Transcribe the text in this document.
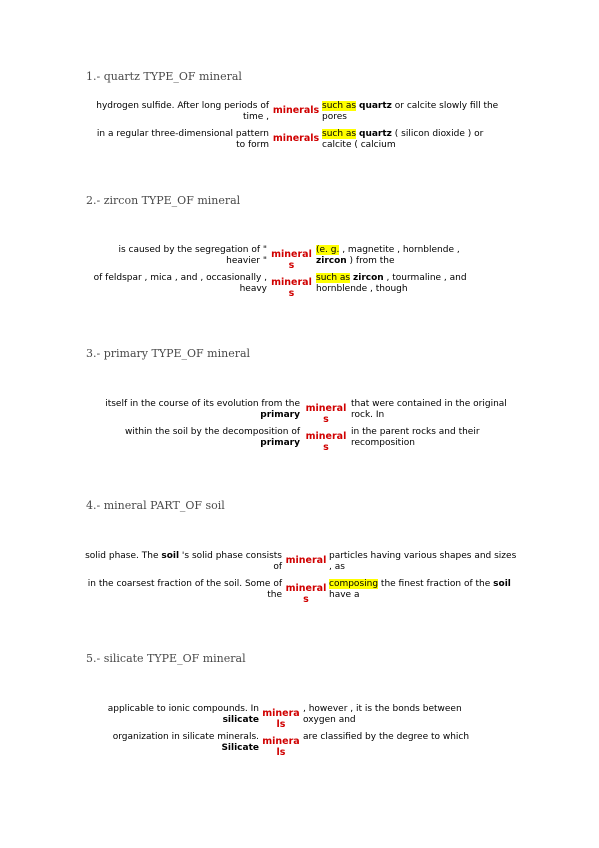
1.- quartz TYPE_OF mineral
hydrogen sulfide. After long periods of time ,
minerals such as quartz or calcite slowly fill the pores
in a regular three-dimensional pattern to form
minerals such as quartz ( silicon dioxide ) or calcite ( calcium
2.- zircon TYPE_OF mineral
is caused by the segregation of " heavier "
minerals
(e. g. , magnetite , hornblende , zircon ) from the
of feldspar , mica , and , occasionally , heavy
minerals
such as zircon , tourmaline , and hornblende , though
3.- primary TYPE_OF mineral
itself in the course of its evolution from the primary
minerals
that were contained in the original rock. In
within the soil by the decomposition of primary
minerals
in the parent rocks and their recomposition
4.- mineral PART_OF soil
solid phase. The soil 's solid phase consists of
mineral particles having various shapes and sizes , as
in the coarsest fraction of the soil. Some of the
minerals
composing the finest fraction of the soil have a
5.- silicate TYPE_OF mineral
applicable to ionic compounds. In silicate
minerals
, however , it is the bonds between oxygen and
organization in silicate minerals. Silicate
minerals
are classified by the degree to which
